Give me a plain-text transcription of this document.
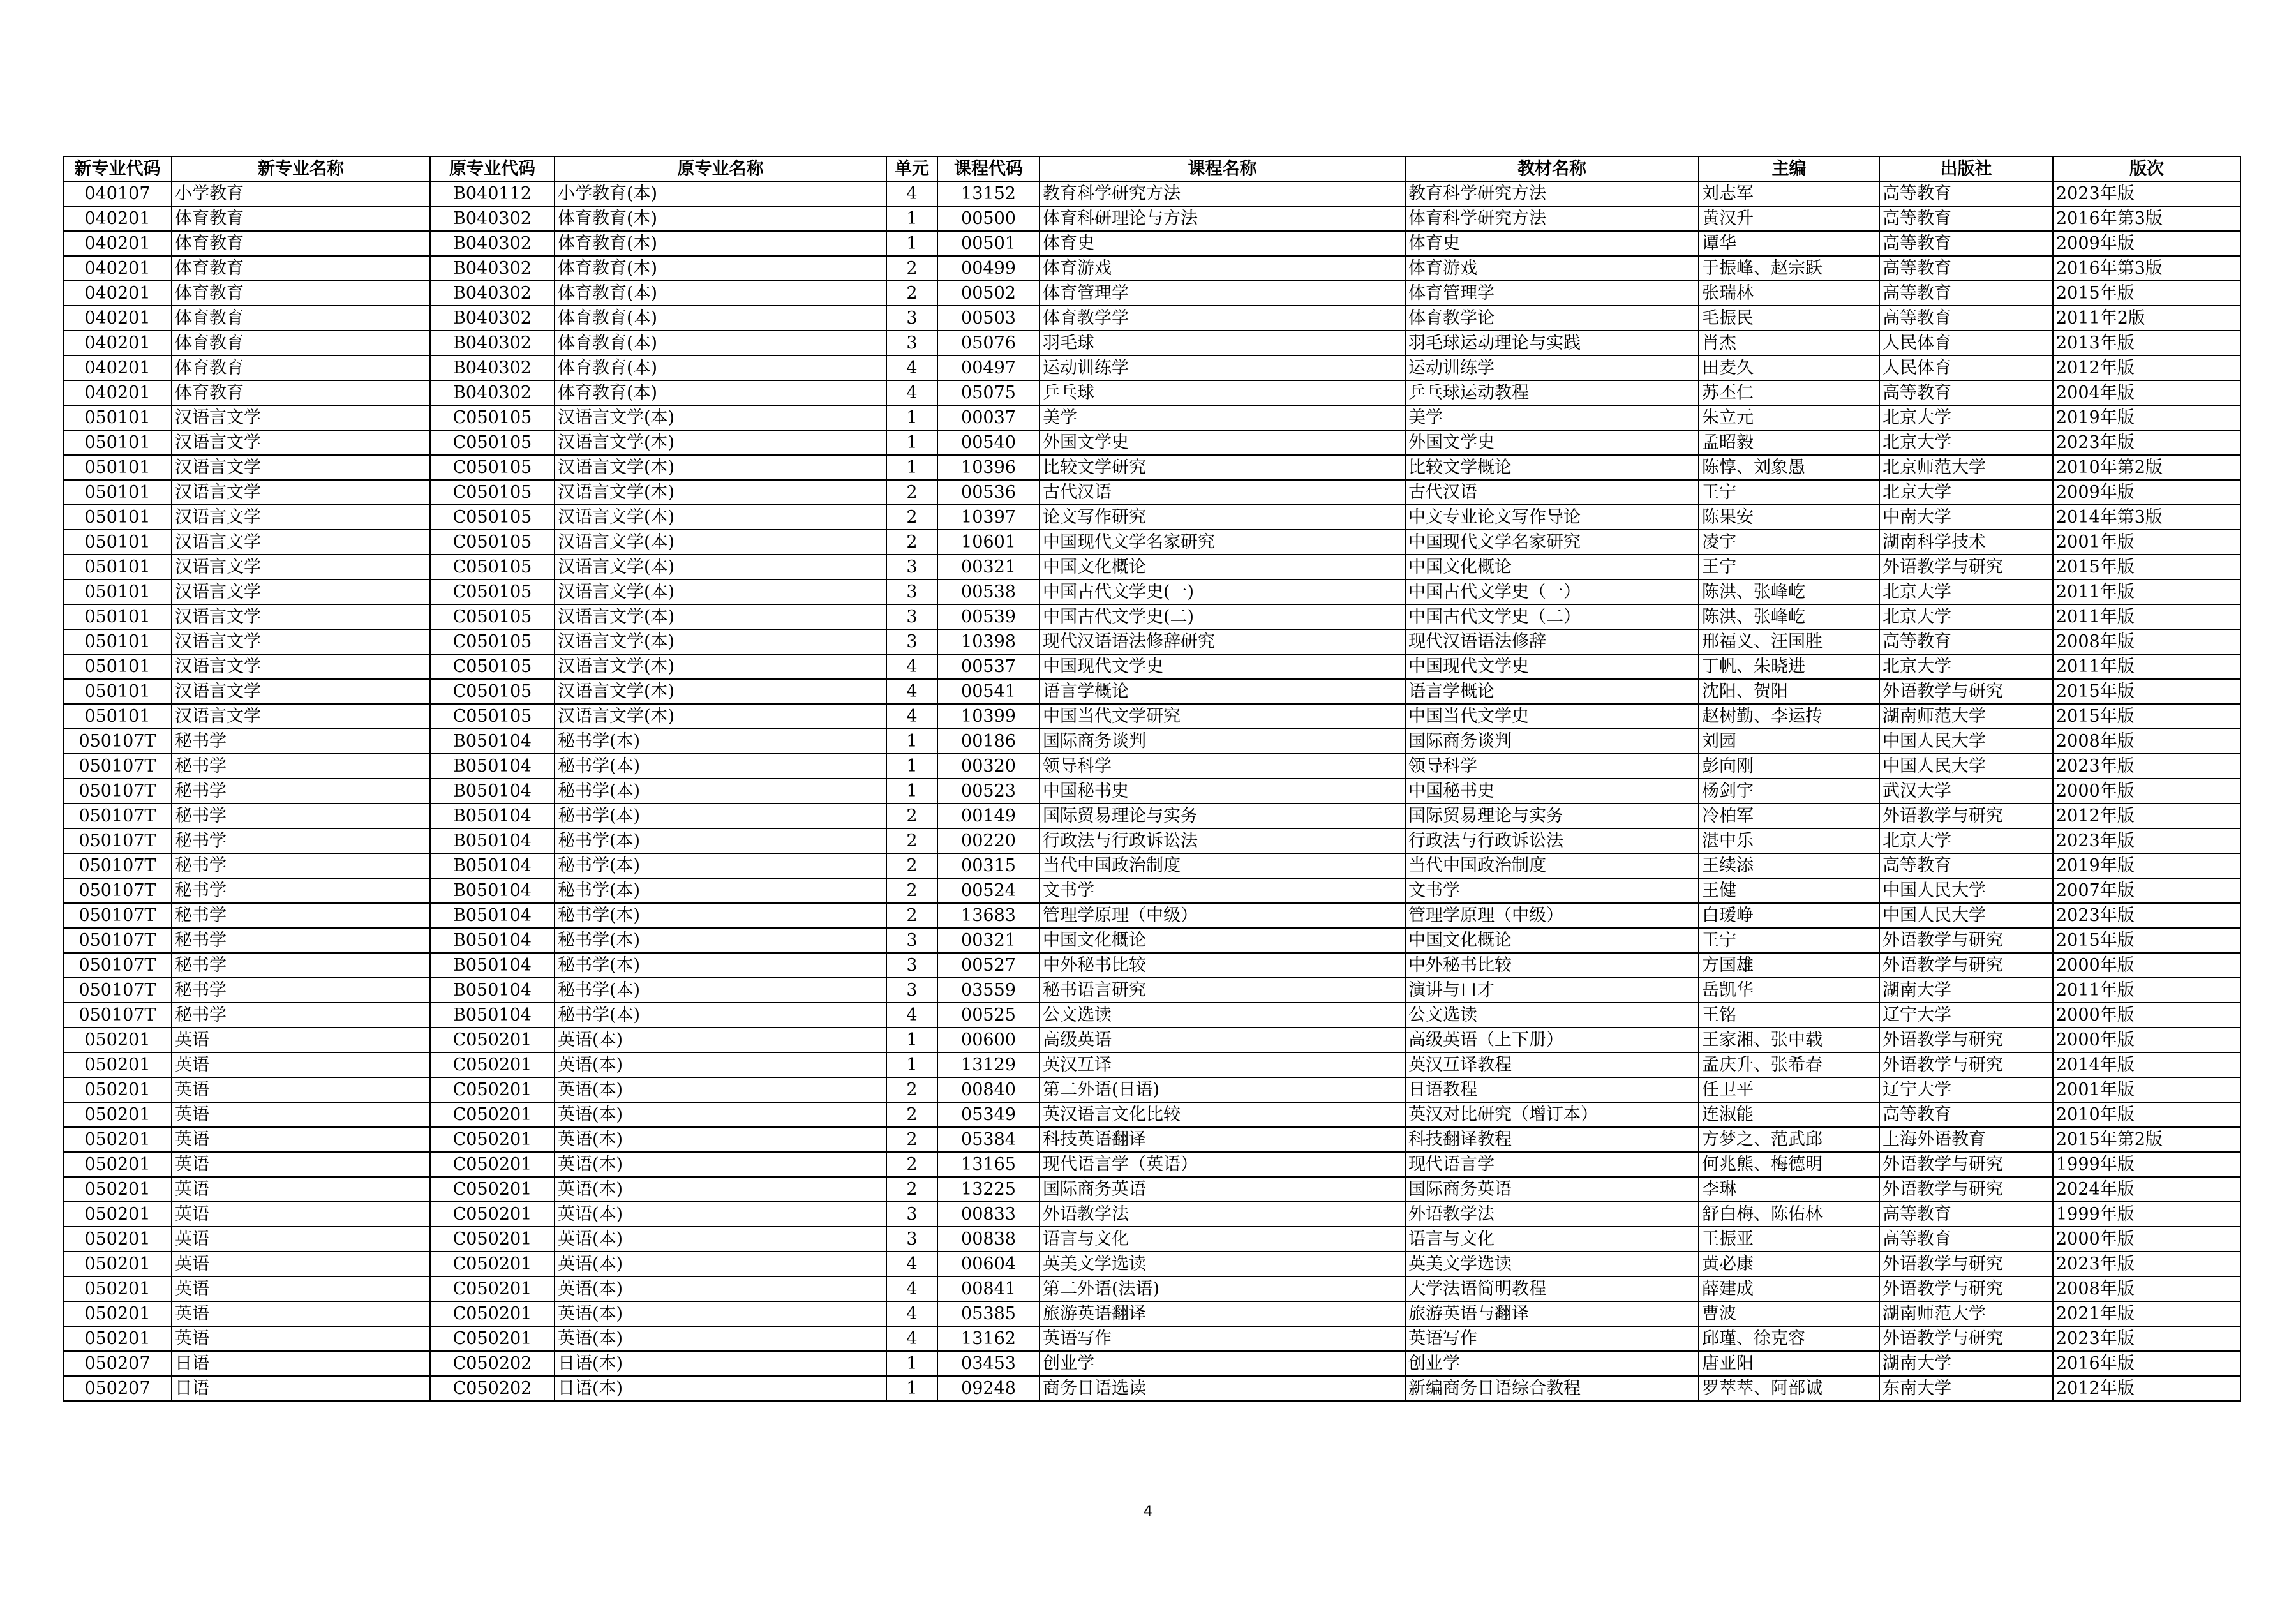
新专业代码	新专业名称	原专业代码	原专业名称	单元	课程代码	课程名称	教材名称	主编	出版社	版次
040107	小学教育	B040112	小学教育(本)	4	13152	教育科学研究方法	教育科学研究方法	刘志军	高等教育	2023年版
040201	体育教育	B040302	体育教育(本)	1	00500	体育科研理论与方法	体育科学研究方法	黄汉升	高等教育	2016年第3版
040201	体育教育	B040302	体育教育(本)	1	00501	体育史	体育史	谭华	高等教育	2009年版
040201	体育教育	B040302	体育教育(本)	2	00499	体育游戏	体育游戏	于振峰、赵宗跃	高等教育	2016年第3版
040201	体育教育	B040302	体育教育(本)	2	00502	体育管理学	体育管理学	张瑞林	高等教育	2015年版
040201	体育教育	B040302	体育教育(本)	3	00503	体育教学学	体育教学论	毛振民	高等教育	2011年2版
040201	体育教育	B040302	体育教育(本)	3	05076	羽毛球	羽毛球运动理论与实践	肖杰	人民体育	2013年版
040201	体育教育	B040302	体育教育(本)	4	00497	运动训练学	运动训练学	田麦久	人民体育	2012年版
040201	体育教育	B040302	体育教育(本)	4	05075	乒乓球	乒乓球运动教程	苏丕仁	高等教育	2004年版
050101	汉语言文学	C050105	汉语言文学(本)	1	00037	美学	美学	朱立元	北京大学	2019年版
050101	汉语言文学	C050105	汉语言文学(本)	1	00540	外国文学史	外国文学史	孟昭毅	北京大学	2023年版
050101	汉语言文学	C050105	汉语言文学(本)	1	10396	比较文学研究	比较文学概论	陈惇、刘象愚	北京师范大学	2010年第2版
050101	汉语言文学	C050105	汉语言文学(本)	2	00536	古代汉语	古代汉语	王宁	北京大学	2009年版
050101	汉语言文学	C050105	汉语言文学(本)	2	10397	论文写作研究	中文专业论文写作导论	陈果安	中南大学	2014年第3版
050101	汉语言文学	C050105	汉语言文学(本)	2	10601	中国现代文学名家研究	中国现代文学名家研究	凌宇	湖南科学技术	2001年版
050101	汉语言文学	C050105	汉语言文学(本)	3	00321	中国文化概论	中国文化概论	王宁	外语教学与研究	2015年版
050101	汉语言文学	C050105	汉语言文学(本)	3	00538	中国古代文学史(一)	中国古代文学史（一）	陈洪、张峰屹	北京大学	2011年版
050101	汉语言文学	C050105	汉语言文学(本)	3	00539	中国古代文学史(二)	中国古代文学史（二）	陈洪、张峰屹	北京大学	2011年版
050101	汉语言文学	C050105	汉语言文学(本)	3	10398	现代汉语语法修辞研究	现代汉语语法修辞	邢福义、汪国胜	高等教育	2008年版
050101	汉语言文学	C050105	汉语言文学(本)	4	00537	中国现代文学史	中国现代文学史	丁帆、朱晓进	北京大学	2011年版
050101	汉语言文学	C050105	汉语言文学(本)	4	00541	语言学概论	语言学概论	沈阳、贺阳	外语教学与研究	2015年版
050101	汉语言文学	C050105	汉语言文学(本)	4	10399	中国当代文学研究	中国当代文学史	赵树勤、李运抟	湖南师范大学	2015年版
050107T	秘书学	B050104	秘书学(本)	1	00186	国际商务谈判	国际商务谈判	刘园	中国人民大学	2008年版
050107T	秘书学	B050104	秘书学(本)	1	00320	领导科学	领导科学	彭向刚	中国人民大学	2023年版
050107T	秘书学	B050104	秘书学(本)	1	00523	中国秘书史	中国秘书史	杨剑宇	武汉大学	2000年版
050107T	秘书学	B050104	秘书学(本)	2	00149	国际贸易理论与实务	国际贸易理论与实务	冷柏军	外语教学与研究	2012年版
050107T	秘书学	B050104	秘书学(本)	2	00220	行政法与行政诉讼法	行政法与行政诉讼法	湛中乐	北京大学	2023年版
050107T	秘书学	B050104	秘书学(本)	2	00315	当代中国政治制度	当代中国政治制度	王续添	高等教育	2019年版
050107T	秘书学	B050104	秘书学(本)	2	00524	文书学	文书学	王健	中国人民大学	2007年版
050107T	秘书学	B050104	秘书学(本)	2	13683	管理学原理（中级）	管理学原理（中级）	白瑷峥	中国人民大学	2023年版
050107T	秘书学	B050104	秘书学(本)	3	00321	中国文化概论	中国文化概论	王宁	外语教学与研究	2015年版
050107T	秘书学	B050104	秘书学(本)	3	00527	中外秘书比较	中外秘书比较	方国雄	外语教学与研究	2000年版
050107T	秘书学	B050104	秘书学(本)	3	03559	秘书语言研究	演讲与口才	岳凯华	湖南大学	2011年版
050107T	秘书学	B050104	秘书学(本)	4	00525	公文选读	公文选读	王铭	辽宁大学	2000年版
050201	英语	C050201	英语(本)	1	00600	高级英语	高级英语（上下册）	王家湘、张中载	外语教学与研究	2000年版
050201	英语	C050201	英语(本)	1	13129	英汉互译	英汉互译教程	孟庆升、张希春	外语教学与研究	2014年版
050201	英语	C050201	英语(本)	2	00840	第二外语(日语)	日语教程	任卫平	辽宁大学	2001年版
050201	英语	C050201	英语(本)	2	05349	英汉语言文化比较	英汉对比研究（增订本）	连淑能	高等教育	2010年版
050201	英语	C050201	英语(本)	2	05384	科技英语翻译	科技翻译教程	方梦之、范武邱	上海外语教育	2015年第2版
050201	英语	C050201	英语(本)	2	13165	现代语言学（英语）	现代语言学	何兆熊、梅德明	外语教学与研究	1999年版
050201	英语	C050201	英语(本)	2	13225	国际商务英语	国际商务英语	李琳	外语教学与研究	2024年版
050201	英语	C050201	英语(本)	3	00833	外语教学法	外语教学法	舒白梅、陈佑林	高等教育	1999年版
050201	英语	C050201	英语(本)	3	00838	语言与文化	语言与文化	王振亚	高等教育	2000年版
050201	英语	C050201	英语(本)	4	00604	英美文学选读	英美文学选读	黄必康	外语教学与研究	2023年版
050201	英语	C050201	英语(本)	4	00841	第二外语(法语)	大学法语简明教程	薛建成	外语教学与研究	2008年版
050201	英语	C050201	英语(本)	4	05385	旅游英语翻译	旅游英语与翻译	曹波	湖南师范大学	2021年版
050201	英语	C050201	英语(本)	4	13162	英语写作	英语写作	邱瑾、徐克容	外语教学与研究	2023年版
050207	日语	C050202	日语(本)	1	03453	创业学	创业学	唐亚阳	湖南大学	2016年版
050207	日语	C050202	日语(本)	1	09248	商务日语选读	新编商务日语综合教程	罗萃萃、阿部诚	东南大学	2012年版
4
